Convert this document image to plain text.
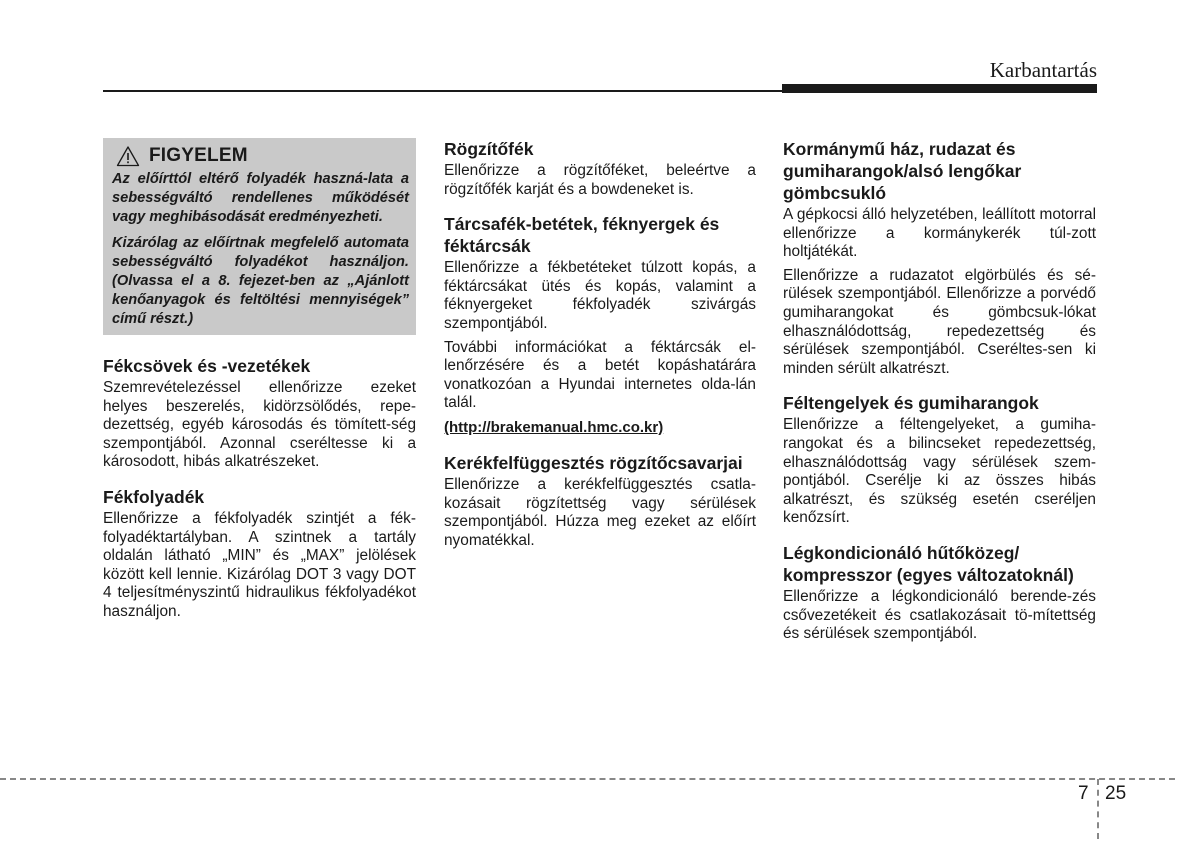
Karbantartás
FIGYELEM

Az előírttól eltérő folyadék haszná-lata a sebességváltó rendellenes működését vagy meghibásodását eredményezheti.

Kizárólag az előírtnak megfelelő automata sebességváltó folyadékot használjon. (Olvassa el a 8. fejezet-ben az „Ajánlott kenőanyagok és feltöltési mennyiségek” című részt.)

Fékcsövek és -vezetékek

Szemrevételezéssel ellenőrizze ezeket helyes beszerelés, kidörzsölődés, repe-dezettség, egyéb károsodás és tömített-ség szempontjából. Azonnal cseréltesse ki a károsodott, hibás alkatrészeket.

Fékfolyadék

Ellenőrizze a fékfolyadék szintjét a fék-folyadéktartályban. A szintnek a tartály oldalán látható „MIN” és „MAX” jelölések között kell lennie. Kizárólag DOT 3 vagy DOT 4 teljesítményszintű hidraulikus fékfolyadékot használjon.

Rögzítőfék

Ellenőrizze a rögzítőféket, beleértve a rögzítőfék karját és a bowdeneket is.

Tárcsafék-betétek, féknyergek és féktárcsák

Ellenőrizze a fékbetéteket túlzott kopás, a féktárcsákat ütés és kopás, valamint a féknyergeket fékfolyadék szivárgás szempontjából.

További információkat a féktárcsák el-lenőrzésére és a betét kopáshatárára vonatkozóan a Hyundai internetes olda-lán talál.

(http://brakemanual.hmc.co.kr)

Kerékfelfüggesztés rögzítőcsavarjai

Ellenőrizze a kerékfelfüggesztés csatla-kozásait rögzítettség vagy sérülések szempontjából. Húzza meg ezeket az előírt nyomatékkal.

Kormánymű ház, rudazat és gumiharangok/alsó lengőkar gömbcsukló

A gépkocsi álló helyzetében, leállított motorral ellenőrizze a kormánykerék túl-zott holtjátékát.

Ellenőrizze a rudazatot elgörbülés és sé-rülések szempontjából. Ellenőrizze a porvédő gumiharangokat és gömbcsuk-lókat elhasználódottság, repedezettség és sérülések szempontjából. Cseréltes-sen ki minden sérült alkatrészt.

Féltengelyek és gumiharangok

Ellenőrizze a féltengelyeket, a gumiha-rangokat és a bilincseket repedezettség, elhasználódottság vagy sérülések szem-pontjából. Cserélje ki az összes hibás alkatrészt, és szükség esetén cseréljen kenőzsírt.

Légkondicionáló hűtőközeg/ kompresszor (egyes változatoknál)

Ellenőrizze a légkondicionáló berende-zés csővezetékeit és csatlakozásait tö-mítettség és sérülések szempontjából.

7 25
